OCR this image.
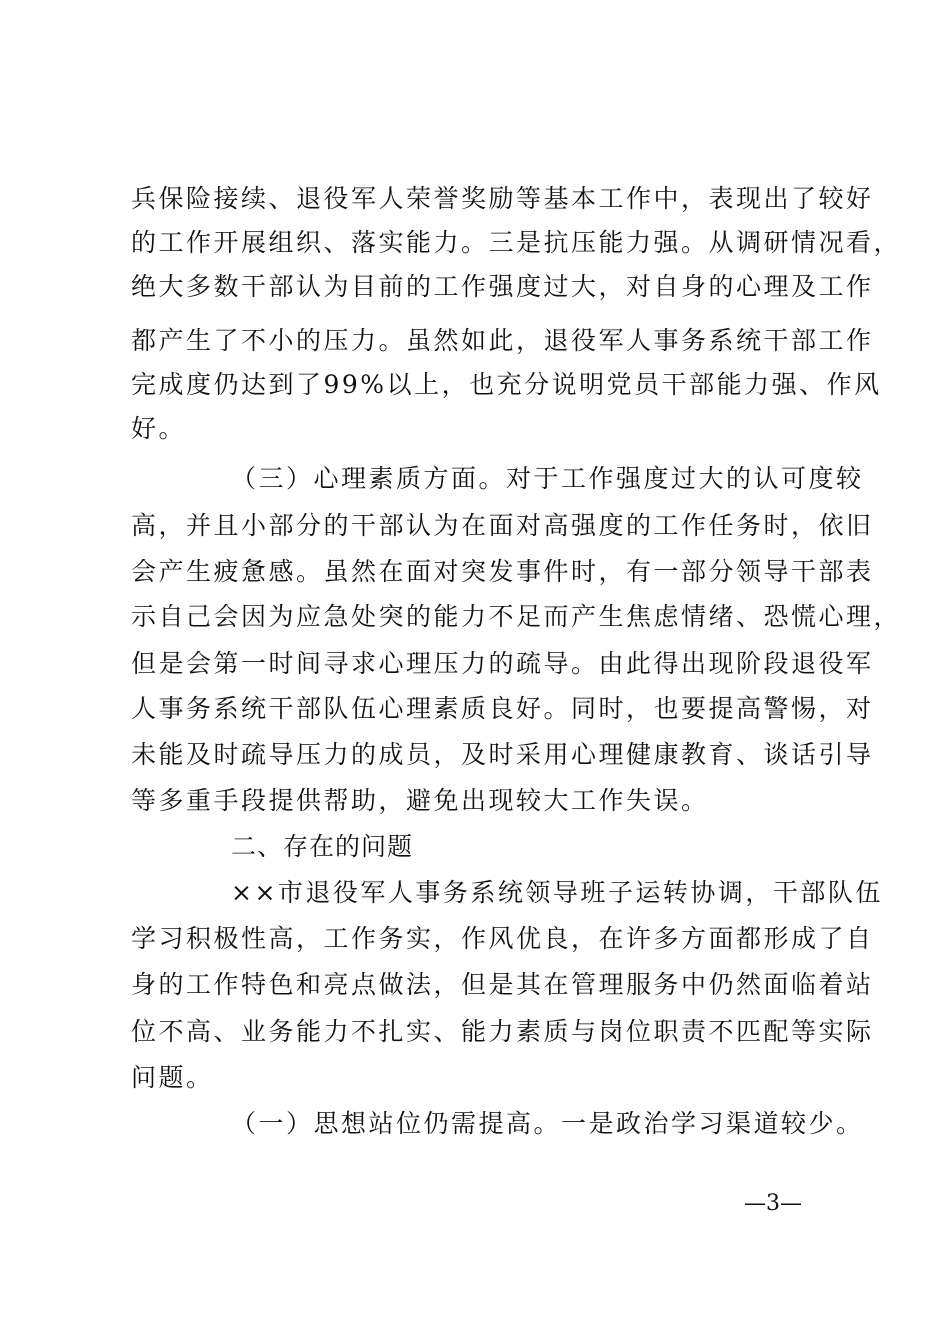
兵保险接续、退役军人荣誉奖励等基本工作中，表现出了较好
的工作开展组织、落实能力。三是抗压能力强。从调研情况看，
绝大多数干部认为目前的工作强度过大，对自身的心理及工作
都产生了不小的压力。虽然如此，退役军人事务系统干部工作
完成度仍达到了99%以上，也充分说明党员干部能力强、作风
好。
（三）心理素质方面。对于工作强度过大的认可度较
高，并且小部分的干部认为在面对高强度的工作任务时，依旧
会产生疲惫感。虽然在面对突发事件时，有一部分领导干部表
示自己会因为应急处突的能力不足而产生焦虑情绪、恐慌心理，
但是会第一时间寻求心理压力的疏导。由此得出现阶段退役军
人事务系统干部队伍心理素质良好。同时，也要提高警惕，对
未能及时疏导压力的成员，及时采用心理健康教育、谈话引导
等多重手段提供帮助，避免出现较大工作失误。
二、存在的问题
××市退役军人事务系统领导班子运转协调，干部队伍
学习积极性高，工作务实，作风优良，在许多方面都形成了自
身的工作特色和亮点做法，但是其在管理服务中仍然面临着站
位不高、业务能力不扎实、能力素质与岗位职责不匹配等实际
问题。
（一）思想站位仍需提高。一是政治学习渠道较少。
—3—
